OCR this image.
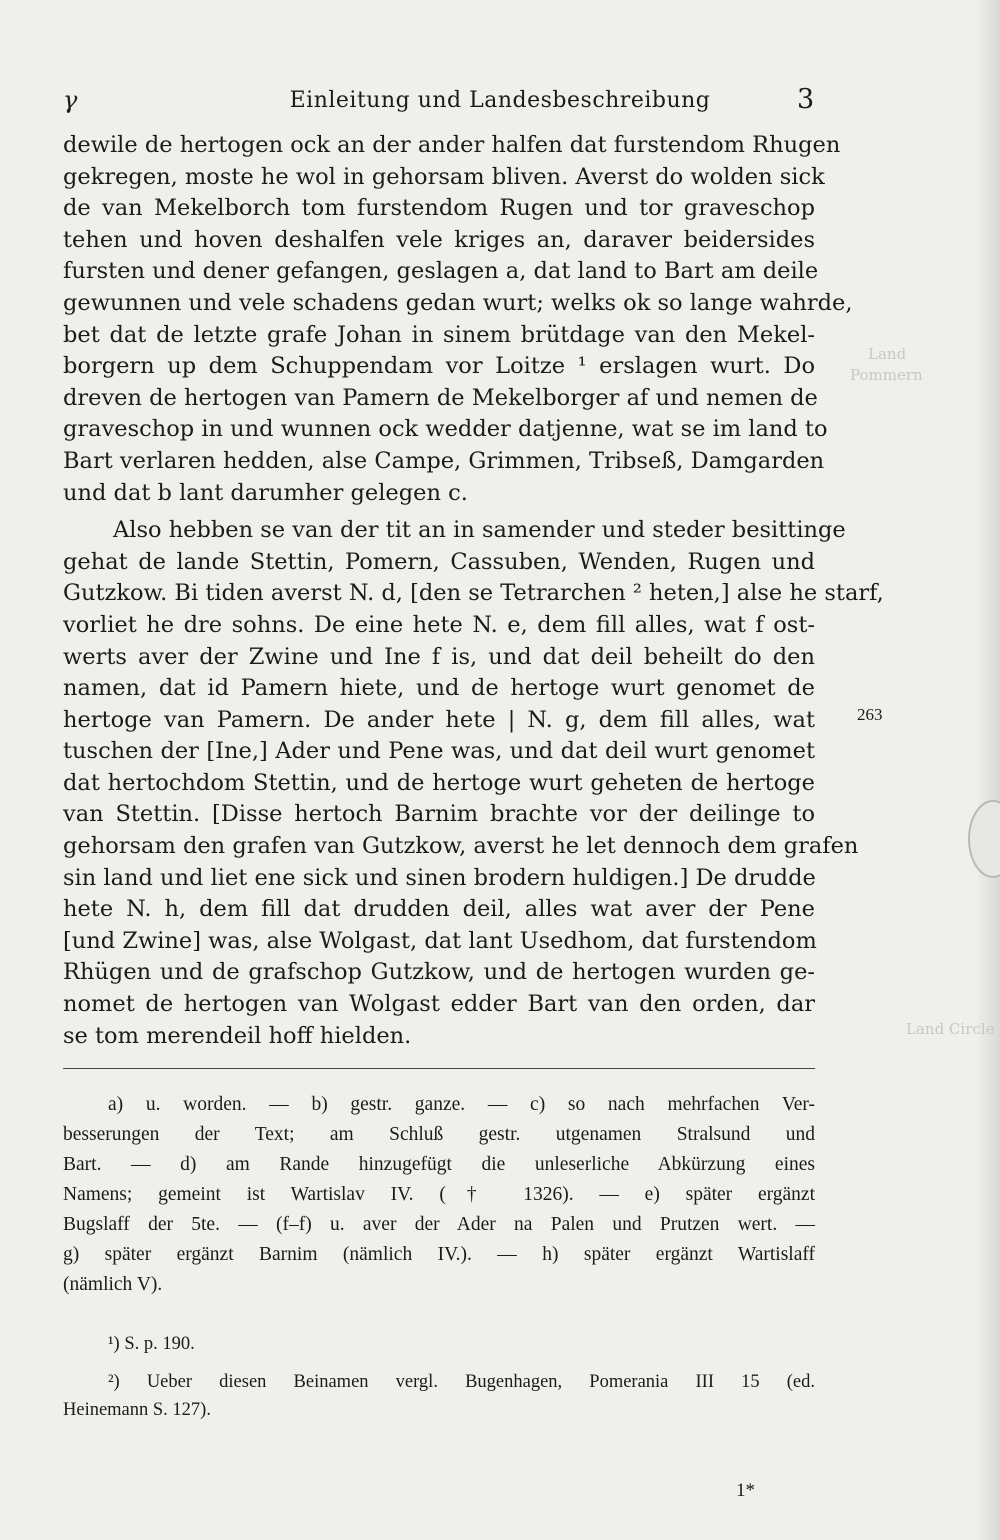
Land
Pommern
Land Circle
γ	Einleitung und Landesbeschreibung	3
dewile de hertogen ock an der ander halfen dat furstendom Rhugen
gekregen, moste he wol in gehorsam bliven. Averst do wolden sick
de van Mekelborch tom furstendom Rugen und tor graveschop
tehen und hoven deshalfen vele kriges an, daraver beidersides
fursten und dener gefangen, geslagen a, dat land to Bart am deile
gewunnen und vele schadens gedan wurt; welks ok so lange wahrde,
bet dat de letzte grafe Johan in sinem brütdage van den Mekel-
borgern up dem Schuppendam vor Loitze ¹ erslagen wurt. Do
dreven de hertogen van Pamern de Mekelborger af und nemen de
graveschop in und wunnen ock wedder datjenne, wat se im land to
Bart verlaren hedden, alse Campe, Grimmen, Tribseß, Damgarden
und dat b lant darumher gelegen c.
Also hebben se van der tit an in samender und steder besittinge
gehat de lande Stettin, Pomern, Cassuben, Wenden, Rugen und
Gutzkow. Bi tiden averst N. d, [den se Tetrarchen ² heten,] alse he starf,
vorliet he dre sohns. De eine hete N. e, dem fill alles, wat f ost-
werts aver der Zwine und Ine f is, und dat deil beheilt do den
namen, dat id Pamern hiete, und de hertoge wurt genomet de
hertoge van Pamern. De ander hete | N. g, dem fill alles, wat
tuschen der [Ine,] Ader und Pene was, und dat deil wurt genomet
dat hertochdom Stettin, und de hertoge wurt geheten de hertoge
van Stettin. [Disse hertoch Barnim brachte vor der deilinge to
gehorsam den grafen van Gutzkow, averst he let dennoch dem grafen
sin land und liet ene sick und sinen brodern huldigen.] De drudde
hete N. h, dem fill dat drudden deil, alles wat aver der Pene
[und Zwine] was, alse Wolgast, dat lant Usedhom, dat furstendom
Rhügen und de grafschop Gutzkow, und de hertogen wurden ge-
nomet de hertogen van Wolgast edder Bart van den orden, dar
se tom merendeil hoff hielden.
263
a) u. worden. — b) gestr. ganze. — c) so nach mehrfachen Ver-
besserungen der Text; am Schluß gestr. utgenamen Stralsund und
Bart. — d) am Rande hinzugefügt die unleserliche Abkürzung eines
Namens; gemeint ist Wartislav IV. († 1326). — e) später ergänzt
Bugslaff der 5te. — (f–f) u. aver der Ader na Palen und Prutzen wert. —
g) später ergänzt Barnim (nämlich IV.). — h) später ergänzt Wartislaff
(nämlich V).
¹) S. p. 190.
²) Ueber diesen Beinamen vergl. Bugenhagen, Pomerania III 15 (ed.
Heinemann S. 127).
1*
